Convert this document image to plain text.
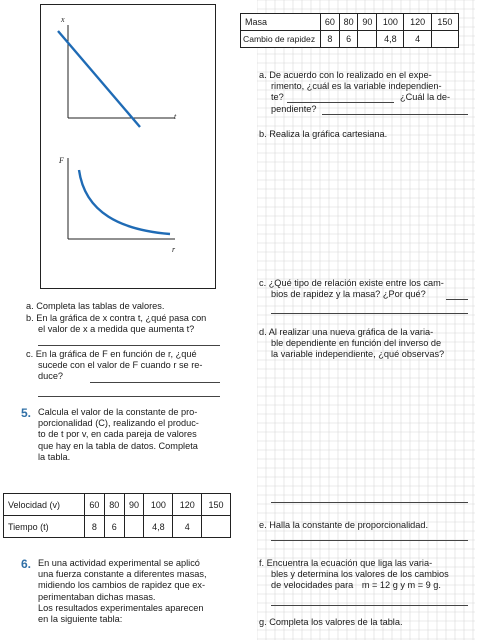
x
t
F
r
Masa	60	80	90	100	120	150
Cambio de rapidez	8	6		4,8	4	
a. De acuerdo con lo realizado en el expe-
rimento, ¿cuál es la variable independien-
te?	¿Cuál la de-
pendiente?
b. Realiza la gráfica cartesiana.
c. ¿Qué tipo de relación existe entre los cam-
bios de rapidez y la masa? ¿Por qué?
d. Al realizar una nueva gráfica de la varia-
ble dependiente en función del inverso de
la variable independiente, ¿qué observas?
e. Halla la constante de proporcionalidad.
f. Encuentra la ecuación que liga las varia-
bles y determina los valores de los cambios
de velocidades para m = 12 g y m = 9 g.
g. Completa los valores de la tabla.
a. Completa las tablas de valores.
b. En la gráfica de x contra t, ¿qué pasa con
el valor de x a medida que aumenta t?
c. En la gráfica de F en función de r, ¿qué
sucede con el valor de F cuando r se re-
duce?
5. Calcula el valor de la constante de pro-
porcionalidad (C), realizando el produc-
to de t por v, en cada pareja de valores
que hay en la tabla de datos. Completa
la tabla.
Velocidad (v)	60	80	90	100	120	150
Tiempo (t)	8	6		4,8	4	
6. En una actividad experimental se aplicó
una fuerza constante a diferentes masas,
midiendo los cambios de rapidez que ex-
perimentaban dichas masas.
Los resultados experimentales aparecen
en la siguiente tabla:
